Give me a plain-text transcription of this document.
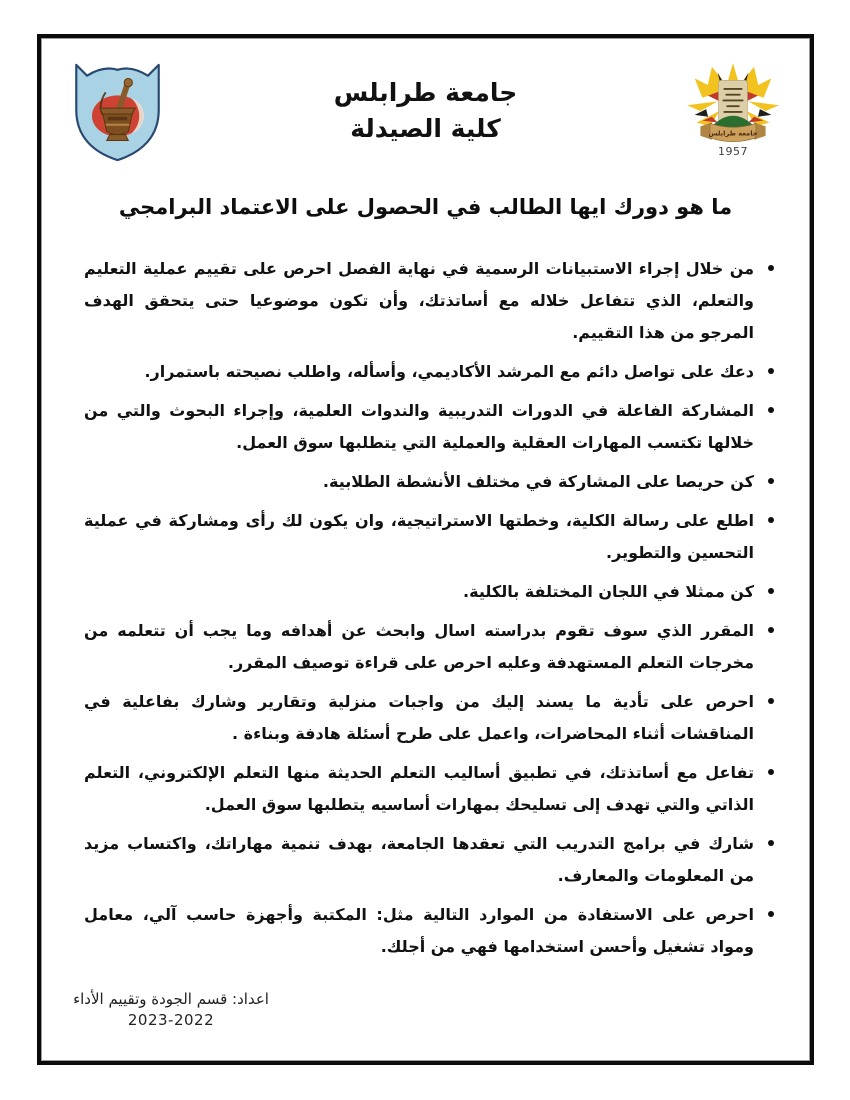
جامعة طرابلس
1957
جامعة طرابلس
كلية الصيدلة
ما هو دورك ايها الطالب في الحصول على الاعتماد البرامجي
من خلال إجراء الاستبيانات الرسمية في نهاية الفصل احرص على تقييم عملية التعليم والتعلم، الذي تتفاعل خلاله مع أساتذتك، وأن تكون موضوعيا حتى يتحقق الهدف المرجو من هذا التقييم.
دعك على تواصل دائم مع المرشد الأكاديمي، وأسأله، واطلب نصيحته باستمرار.
المشاركة الفاعلة في الدورات التدريبية والندوات العلمية، وإجراء البحوث والتي من خلالها تكتسب المهارات العقلية والعملية التي يتطلبها سوق العمل.
كن حريصا على المشاركة في مختلف الأنشطة الطلابية.
اطلع على رسالة الكلية، وخطتها الاستراتيجية، وان يكون لك رأى ومشاركة في عملية التحسين والتطوير.
كن ممثلا في اللجان المختلفة بالكلية.
المقرر الذي سوف تقوم بدراسته اسال وابحث عن أهدافه وما يجب أن تتعلمه من مخرجات التعلم المستهدفة وعليه احرص على قراءة توصيف المقرر.
احرص على تأدية ما يسند إليك من واجبات منزلية وتقارير وشارك بفاعلية في المناقشات أثناء المحاضرات، واعمل على طرح أسئلة هادفة وبناءة .
تفاعل مع أساتذتك، في تطبيق أساليب التعلم الحديثة منها التعلم الإلكتروني، التعلم الذاتي والتي تهدف إلى تسليحك بمهارات أساسيه يتطلبها سوق العمل.
شارك في برامج التدريب التي تعقدها الجامعة، بهدف تنمية مهاراتك، واكتساب مزيد من المعلومات والمعارف.
احرص على الاستفادة من الموارد التالية مثل: المكتبة وأجهزة حاسب آلي، معامل ومواد تشغيل وأحسن استخدامها فهي من أجلك.
اعداد: قسم الجودة وتقييم الأداء
2023-2022
